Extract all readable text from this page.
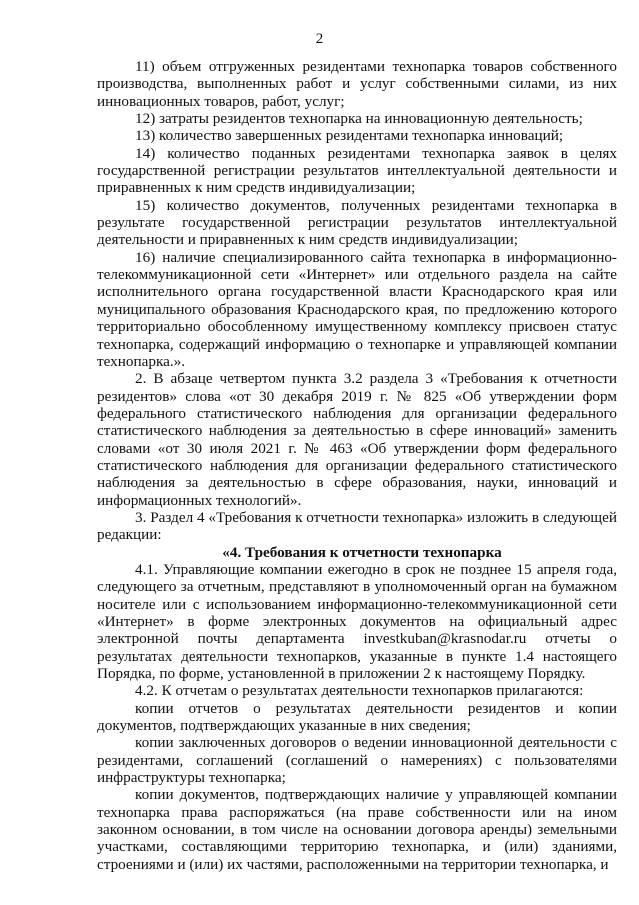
2

11) объем отгруженных резидентами технопарка товаров собственного производства, выполненных работ и услуг собственными силами, из них инновационных товаров, работ, услуг;

12) затраты резидентов технопарка на инновационную деятельность;

13) количество завершенных резидентами технопарка инноваций;

14) количество поданных резидентами технопарка заявок в целях государственной регистрации результатов интеллектуальной деятельности и приравненных к ним средств индивидуализации;

15) количество документов, полученных резидентами технопарка в результате государственной регистрации результатов интеллектуальной деятельности и приравненных к ним средств индивидуализации;

16) наличие специализированного сайта технопарка в информационно-телекоммуникационной сети «Интернет» или отдельного раздела на сайте исполнительного органа государственной власти Краснодарского края или муниципального образования Краснодарского края, по предложению которого территориально обособленному имущественному комплексу присвоен статус технопарка, содержащий информацию о технопарке и управляющей компании технопарка.».

2. В абзаце четвертом пункта 3.2 раздела 3 «Требования к отчетности резидентов» слова «от 30 декабря 2019 г. № 825 «Об утверждении форм федерального статистического наблюдения для организации федерального статистического наблюдения за деятельностью в сфере инноваций» заменить словами «от 30 июля 2021 г. № 463 «Об утверждении форм федерального статистического наблюдения для организации федерального статистического наблюдения за деятельностью в сфере образования, науки, инноваций и информационных технологий».

3. Раздел 4 «Требования к отчетности технопарка» изложить в следующей редакции:

«4. Требования к отчетности технопарка

4.1. Управляющие компании ежегодно в срок не позднее 15 апреля года, следующего за отчетным, представляют в уполномоченный орган на бумажном носителе или с использованием информационно-телекоммуникационной сети «Интернет» в форме электронных документов на официальный адрес электронной почты департамента investkuban@krasnodar.ru отчеты о результатах деятельности технопарков, указанные в пункте 1.4 настоящего Порядка, по форме, установленной в приложении 2 к настоящему Порядку.

4.2. К отчетам о результатах деятельности технопарков прилагаются:

копии отчетов о результатах деятельности резидентов и копии документов, подтверждающих указанные в них сведения;

копии заключенных договоров о ведении инновационной деятельности с резидентами, соглашений (соглашений о намерениях) с пользователями инфраструктуры технопарка;

копии документов, подтверждающих наличие у управляющей компании технопарка права распоряжаться (на праве собственности или на ином законном основании, в том числе на основании договора аренды) земельными участками, составляющими территорию технопарка, и (или) зданиями, строениями и (или) их частями, расположенными на территории технопарка, и
